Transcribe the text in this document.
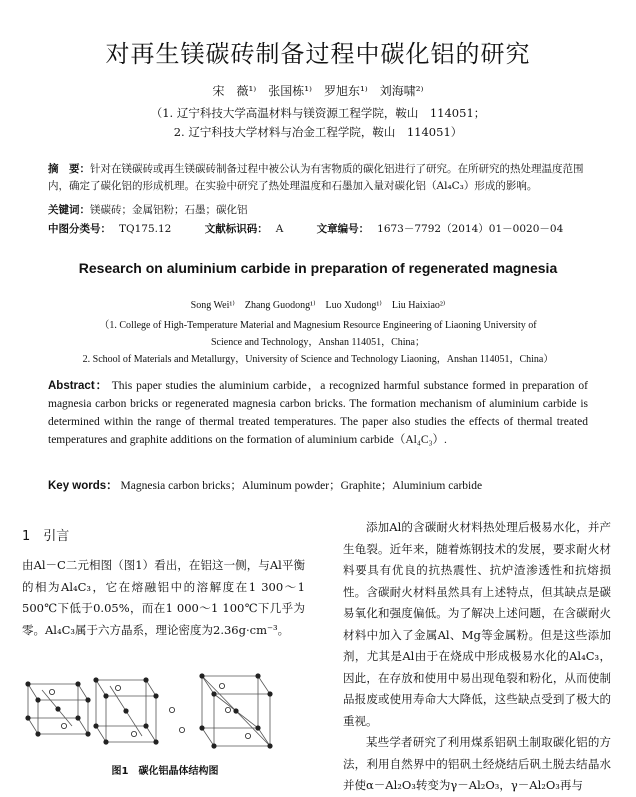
对再生镁碳砖制备过程中碳化铝的研究
宋　薇¹⁾　张国栋¹⁾　罗旭东¹⁾　刘海啸²⁾
（1. 辽宁科技大学高温材料与镁资源工程学院，鞍山　114051；
2. 辽宁科技大学材料与冶金工程学院，鞍山　114051）
摘　要：针对在镁碳砖或再生镁碳砖制备过程中被公认为有害物质的碳化铝进行了研究。在所研究的热处理温度范围内，确定了碳化铝的形成机理。在实验中研究了热处理温度和石墨加入量对碳化铝（Al₄C₃）形成的影响。
关键词：镁碳砖；金属铝粉；石墨；碳化铝
中图分类号： TQ175.12	文献标识码： A	文章编号： 1673－7792（2014）01－0020－04
Research on aluminium carbide in preparation of regenerated magnesia
Song Wei¹⁾　Zhang Guodong¹⁾　Luo Xudong¹⁾　Liu Haixiao²⁾
（1. College of High-Temperature Material and Magnesium Resource Engineering of Liaoning University of
Science and Technology，Anshan 114051，China；
2. School of Materials and Metallurgy，University of Science and Technology Liaoning，Anshan 114051，China）
Abstract： This paper studies the aluminium carbide，a recognized harmful substance formed in preparation of magnesia carbon bricks or regenerated magnesia carbon bricks. The formation mechanism of aluminium carbide is determined within the range of thermal treated temperatures. The paper also studies the effects of thermal treated temperatures and graphite additions on the formation of aluminium carbide（Al₄C₃）.
Key words： Magnesia carbon bricks；Aluminum powder；Graphite；Aluminium carbide
1　引言
由Al－C二元相图（图1）看出，在铝这一侧，与Al平衡的相为Al₄C₃，它在熔融铝中的溶解度在1 300～1 500℃下低于0.05%，而在1 000～1 100℃下几乎为零。Al₄C₃属于六方晶系，理论密度为2.36g·cm⁻³。
图1　碳化铝晶体结构图
添加Al的含碳耐火材料热处理后极易水化，并产生龟裂。近年来，随着炼钢技术的发展，要求耐火材料要具有优良的抗热震性、抗炉渣渗透性和抗熔损性。含碳耐火材料虽然具有上述特点，但其缺点是碳易氧化和强度偏低。为了解决上述问题，在含碳耐火材料中加入了金属Al、Mg等金属粉。但是这些添加剂，尤其是Al由于在烧成中形成极易水化的Al₄C₃，因此，在存放和使用中易出现龟裂和粉化，从而使制品报废或使用寿命大大降低，这些缺点受到了极大的重视。
某些学者研究了利用煤系铝矾土制取碳化铝的方法，利用自然界中的铝矾土经烧结后矾土脱去结晶水并使α－Al₂O₃转变为γ－Al₂O₃，γ－Al₂O₃再与
